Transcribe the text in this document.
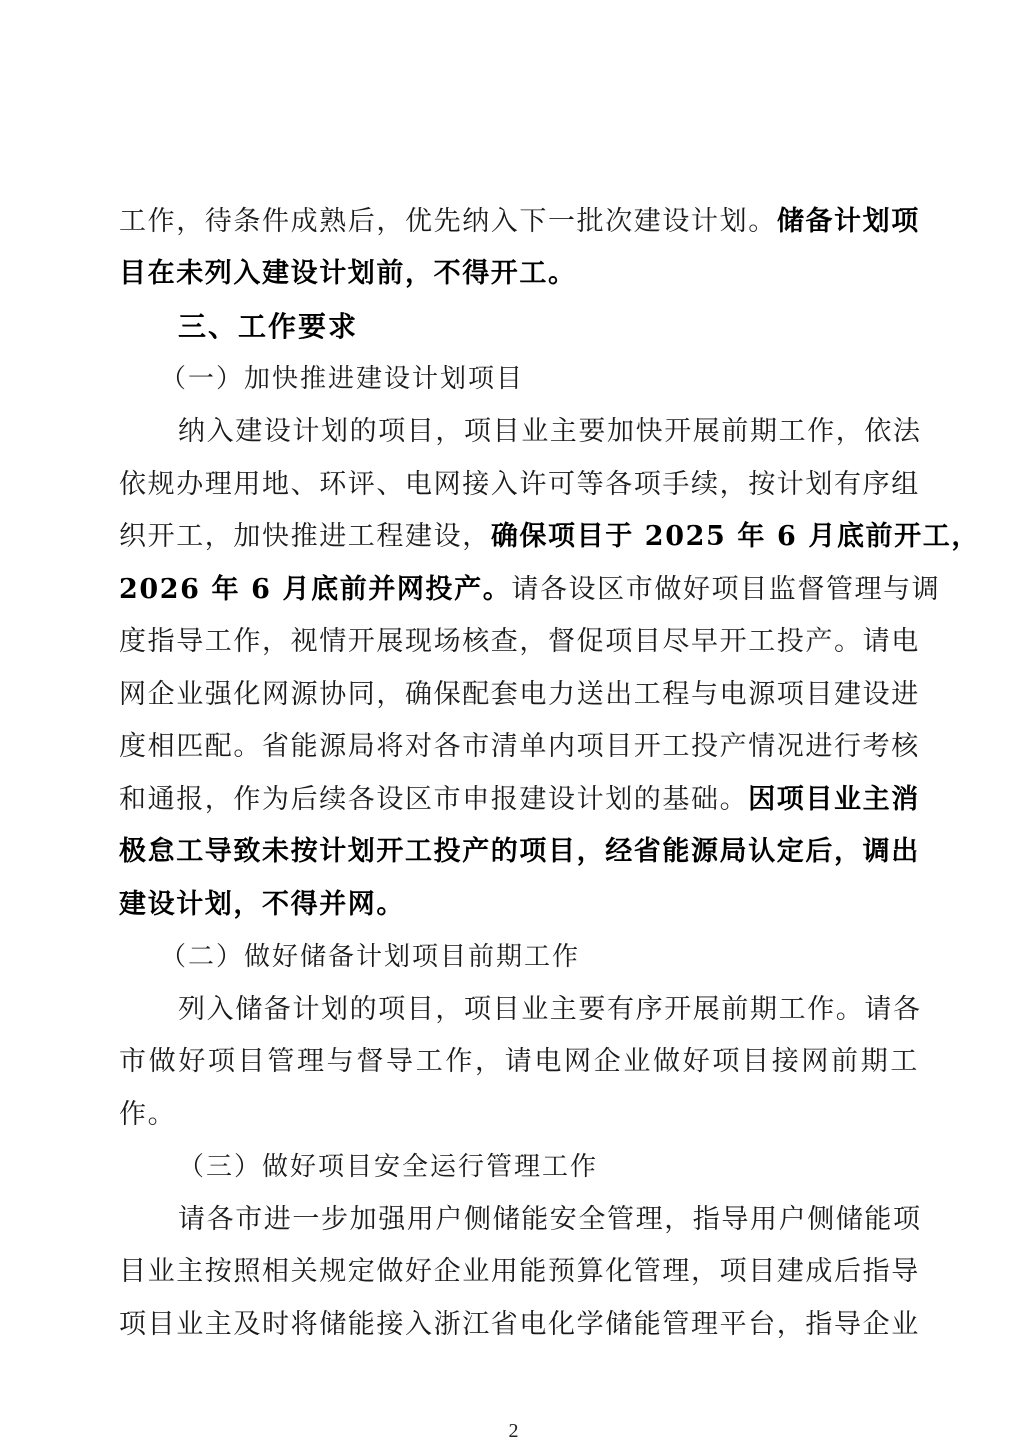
工作，待条件成熟后，优先纳入下一批次建设计划。储备计划项
目在未列入建设计划前，不得开工。
三、工作要求
（一）加快推进建设计划项目
纳入建设计划的项目，项目业主要加快开展前期工作，依法
依规办理用地、环评、电网接入许可等各项手续，按计划有序组
织开工，加快推进工程建设，确保项目于 2025 年 6 月底前开工，
2026 年 6 月底前并网投产。请各设区市做好项目监督管理与调
度指导工作，视情开展现场核查，督促项目尽早开工投产。请电
网企业强化网源协同，确保配套电力送出工程与电源项目建设进
度相匹配。省能源局将对各市清单内项目开工投产情况进行考核
和通报，作为后续各设区市申报建设计划的基础。因项目业主消
极怠工导致未按计划开工投产的项目，经省能源局认定后，调出
建设计划，不得并网。
（二）做好储备计划项目前期工作
列入储备计划的项目，项目业主要有序开展前期工作。请各
市做好项目管理与督导工作，请电网企业做好项目接网前期工
作。
（三）做好项目安全运行管理工作
请各市进一步加强用户侧储能安全管理，指导用户侧储能项
目业主按照相关规定做好企业用能预算化管理，项目建成后指导
项目业主及时将储能接入浙江省电化学储能管理平台，指导企业
2
